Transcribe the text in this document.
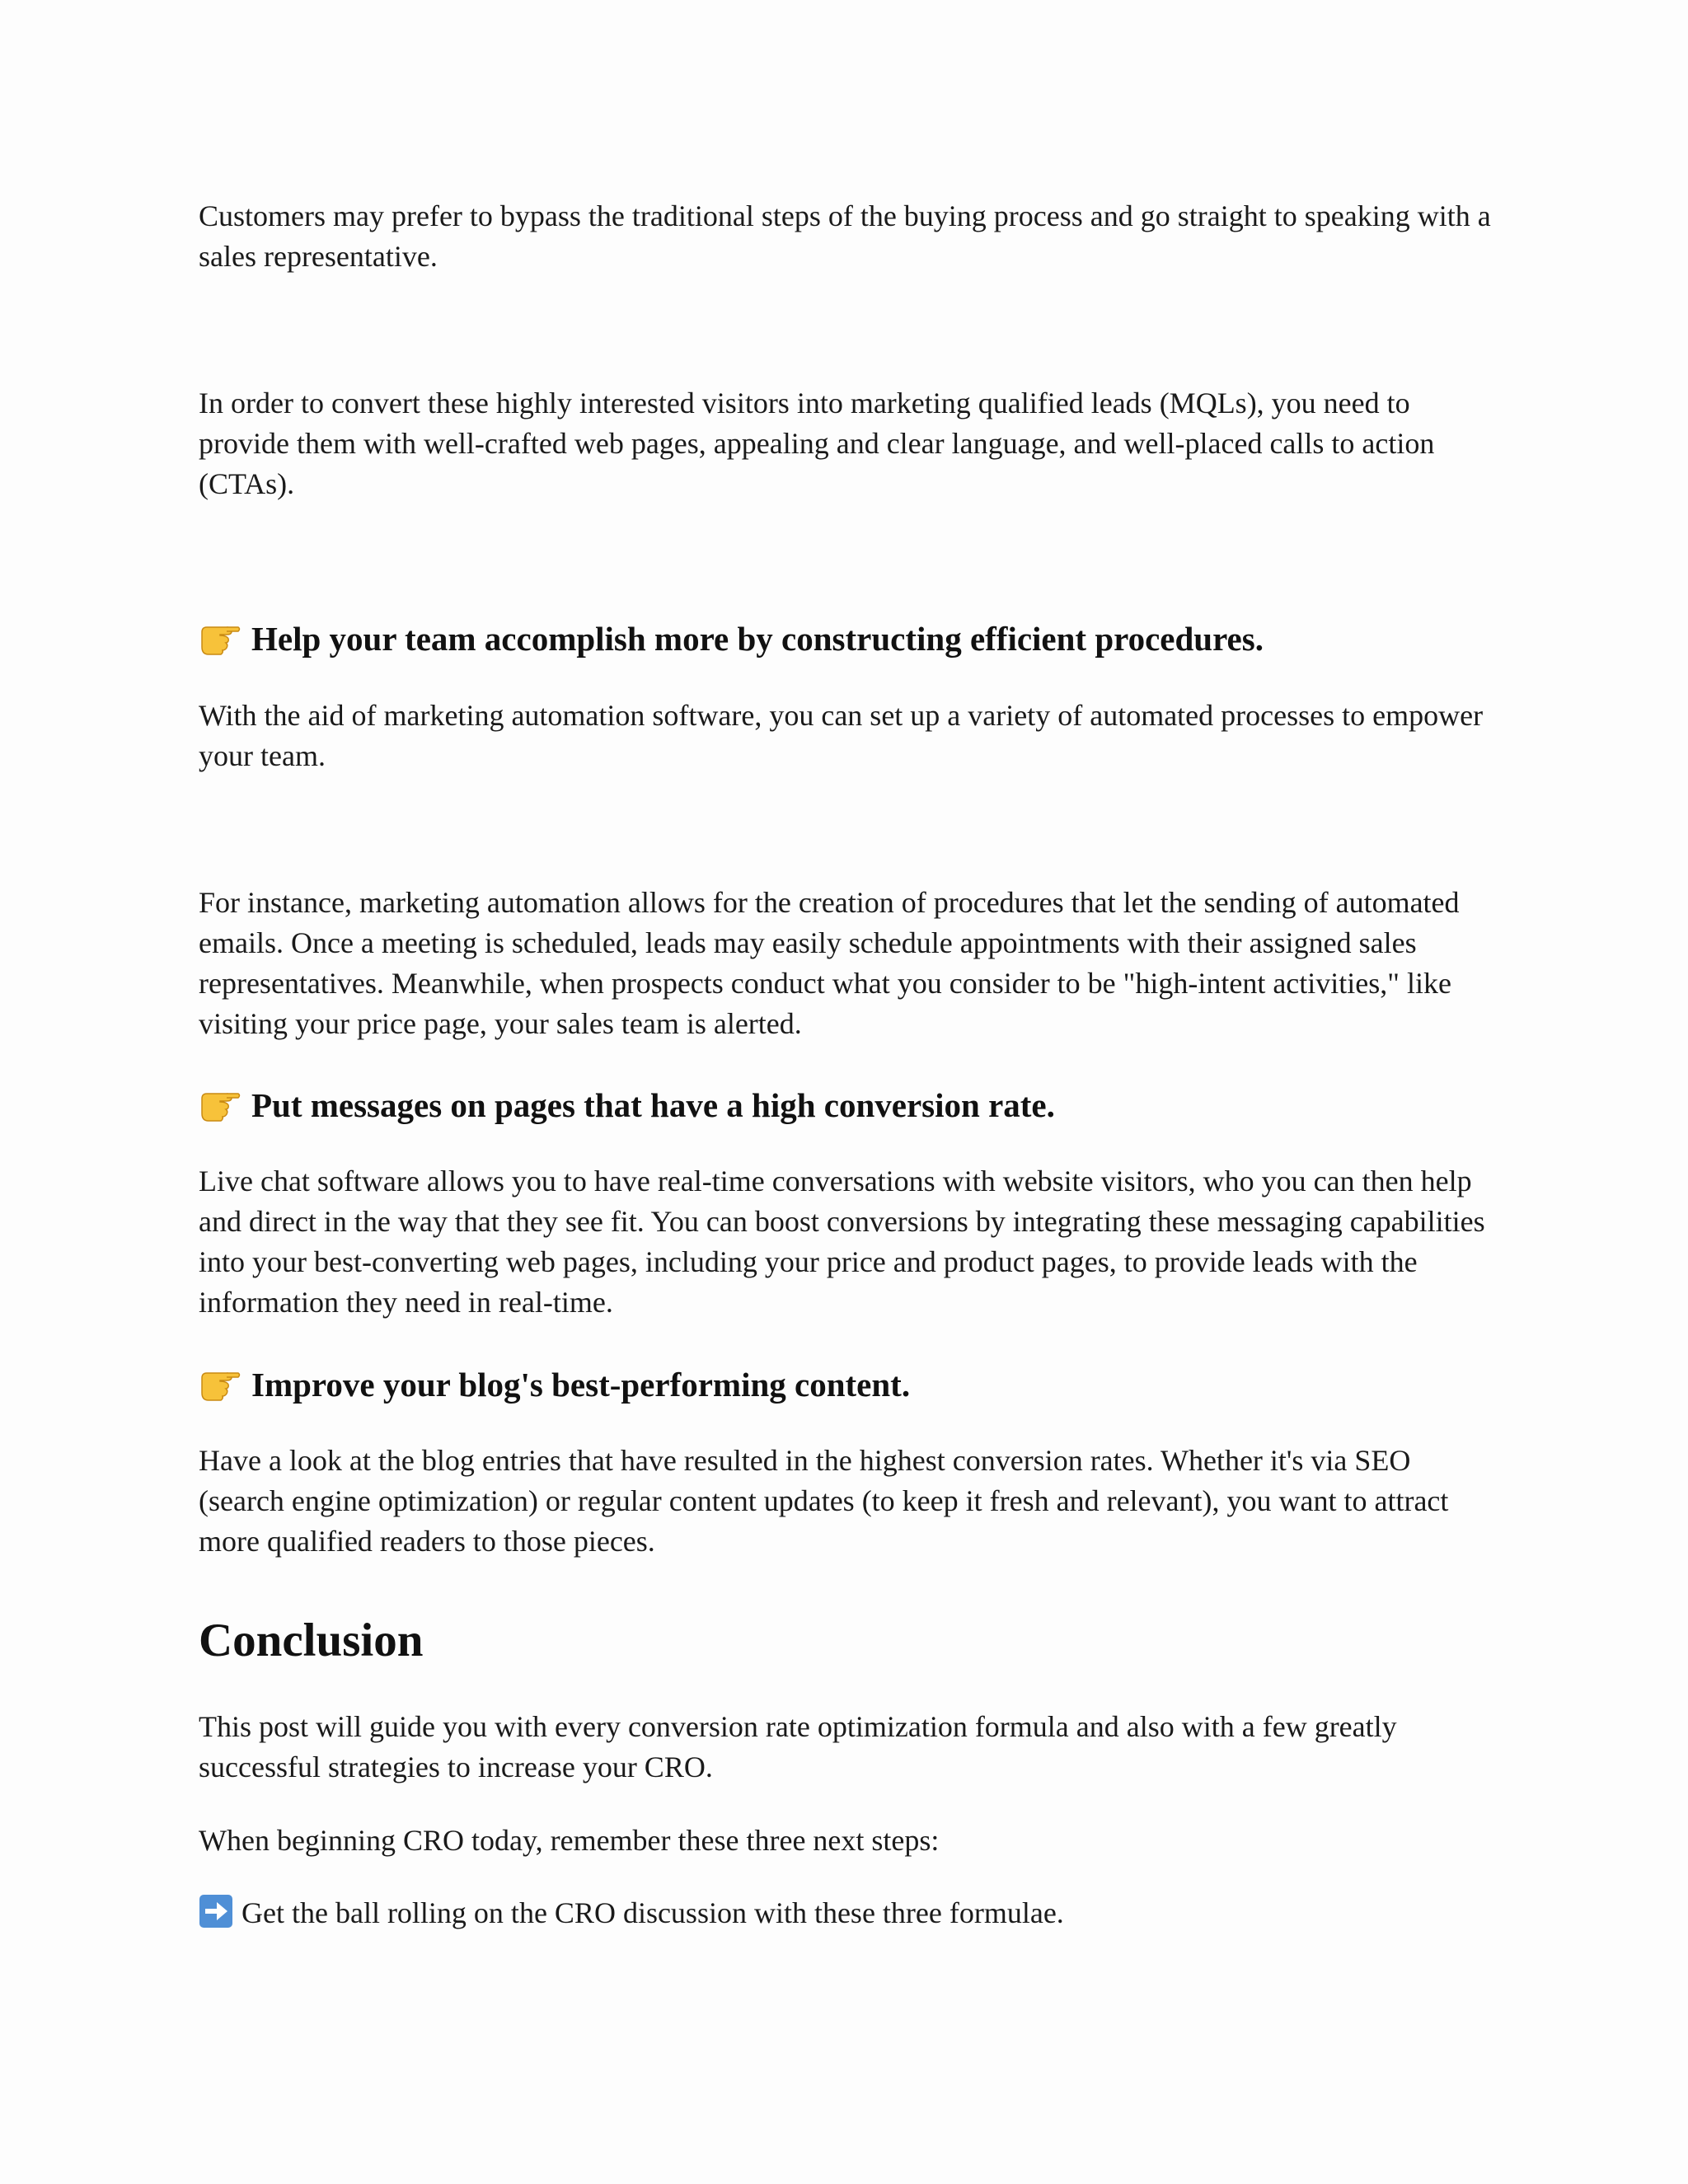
Customers may prefer to bypass the traditional steps of the buying process and go straight to speaking with a sales representative.

In order to convert these highly interested visitors into marketing qualified leads (MQLs), you need to provide them with well-crafted web pages, appealing and clear language, and well-placed calls to action (CTAs).

Help your team accomplish more by constructing efficient procedures.

With the aid of marketing automation software, you can set up a variety of automated processes to empower your team.

For instance, marketing automation allows for the creation of procedures that let the sending of automated emails. Once a meeting is scheduled, leads may easily schedule appointments with their assigned sales representatives. Meanwhile, when prospects conduct what you consider to be "high-intent activities," like visiting your price page, your sales team is alerted.

Put messages on pages that have a high conversion rate.

Live chat software allows you to have real-time conversations with website visitors, who you can then help and direct in the way that they see fit. You can boost conversions by integrating these messaging capabilities into your best-converting web pages, including your price and product pages, to provide leads with the information they need in real-time.

Improve your blog's best-performing content.

Have a look at the blog entries that have resulted in the highest conversion rates. Whether it's via SEO (search engine optimization) or regular content updates (to keep it fresh and relevant), you want to attract more qualified readers to those pieces.

Conclusion

This post will guide you with every conversion rate optimization formula and also with a few greatly successful strategies to increase your CRO.

When beginning CRO today, remember these three next steps:

Get the ball rolling on the CRO discussion with these three formulae.
